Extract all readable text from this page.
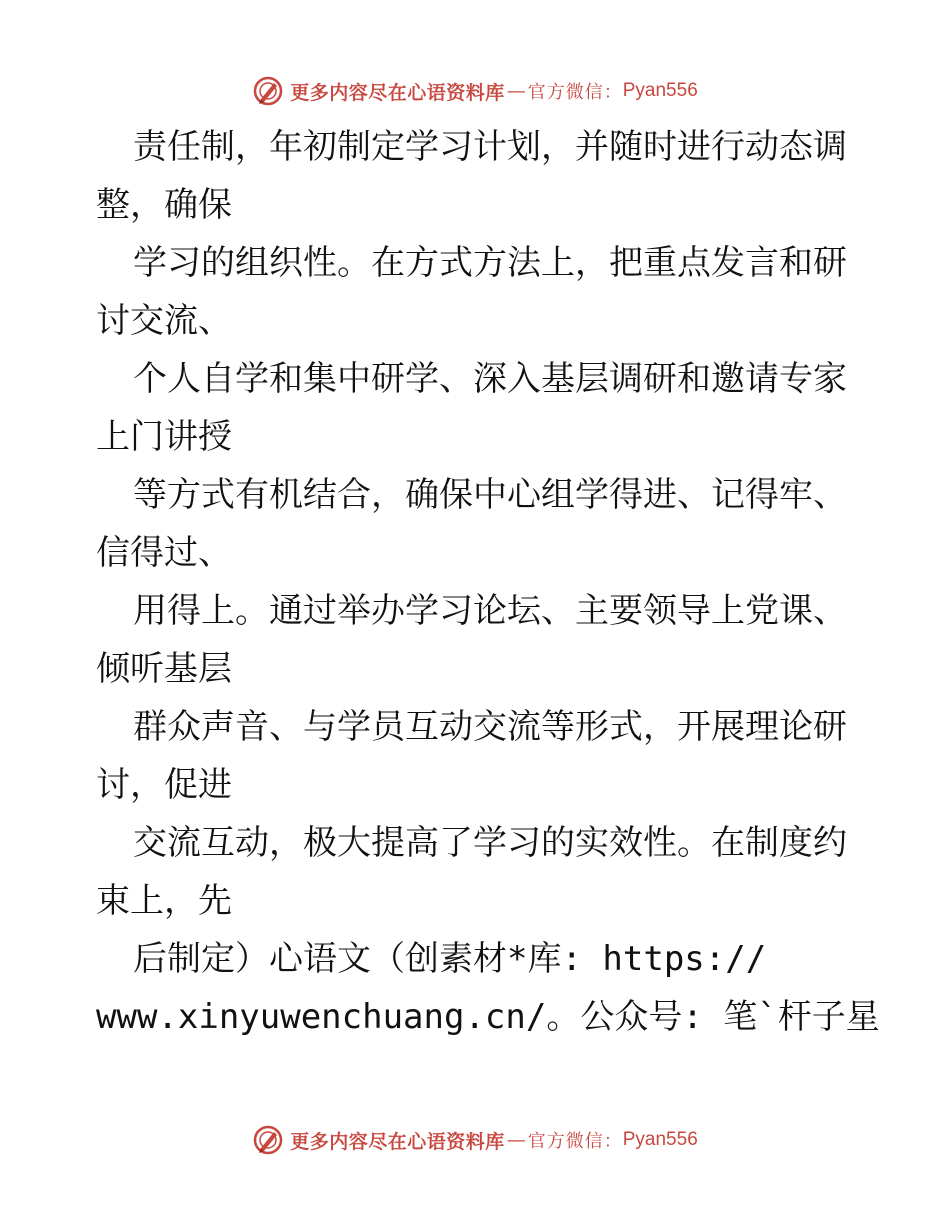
更多内容尽在心语资料库 — 官方微信： Pyan556
责任制，年初制定学习计划，并随时进行动态调
整，确保
学习的组织性。在方式方法上，把重点发言和研
讨交流、
个人自学和集中研学、深入基层调研和邀请专家
上门讲授
等方式有机结合，确保中心组学得进、记得牢、
信得过、
用得上。通过举办学习论坛、主要领导上党课、
倾听基层
群众声音、与学员互动交流等形式，开展理论研
讨，促进
交流互动，极大提高了学习的实效性。在制度约
束上，先
后制定）心语文（创素材*库: https://
www.xinyuwenchuang.cn/。公众号: 笔`杆子星
更多内容尽在心语资料库 — 官方微信： Pyan556
